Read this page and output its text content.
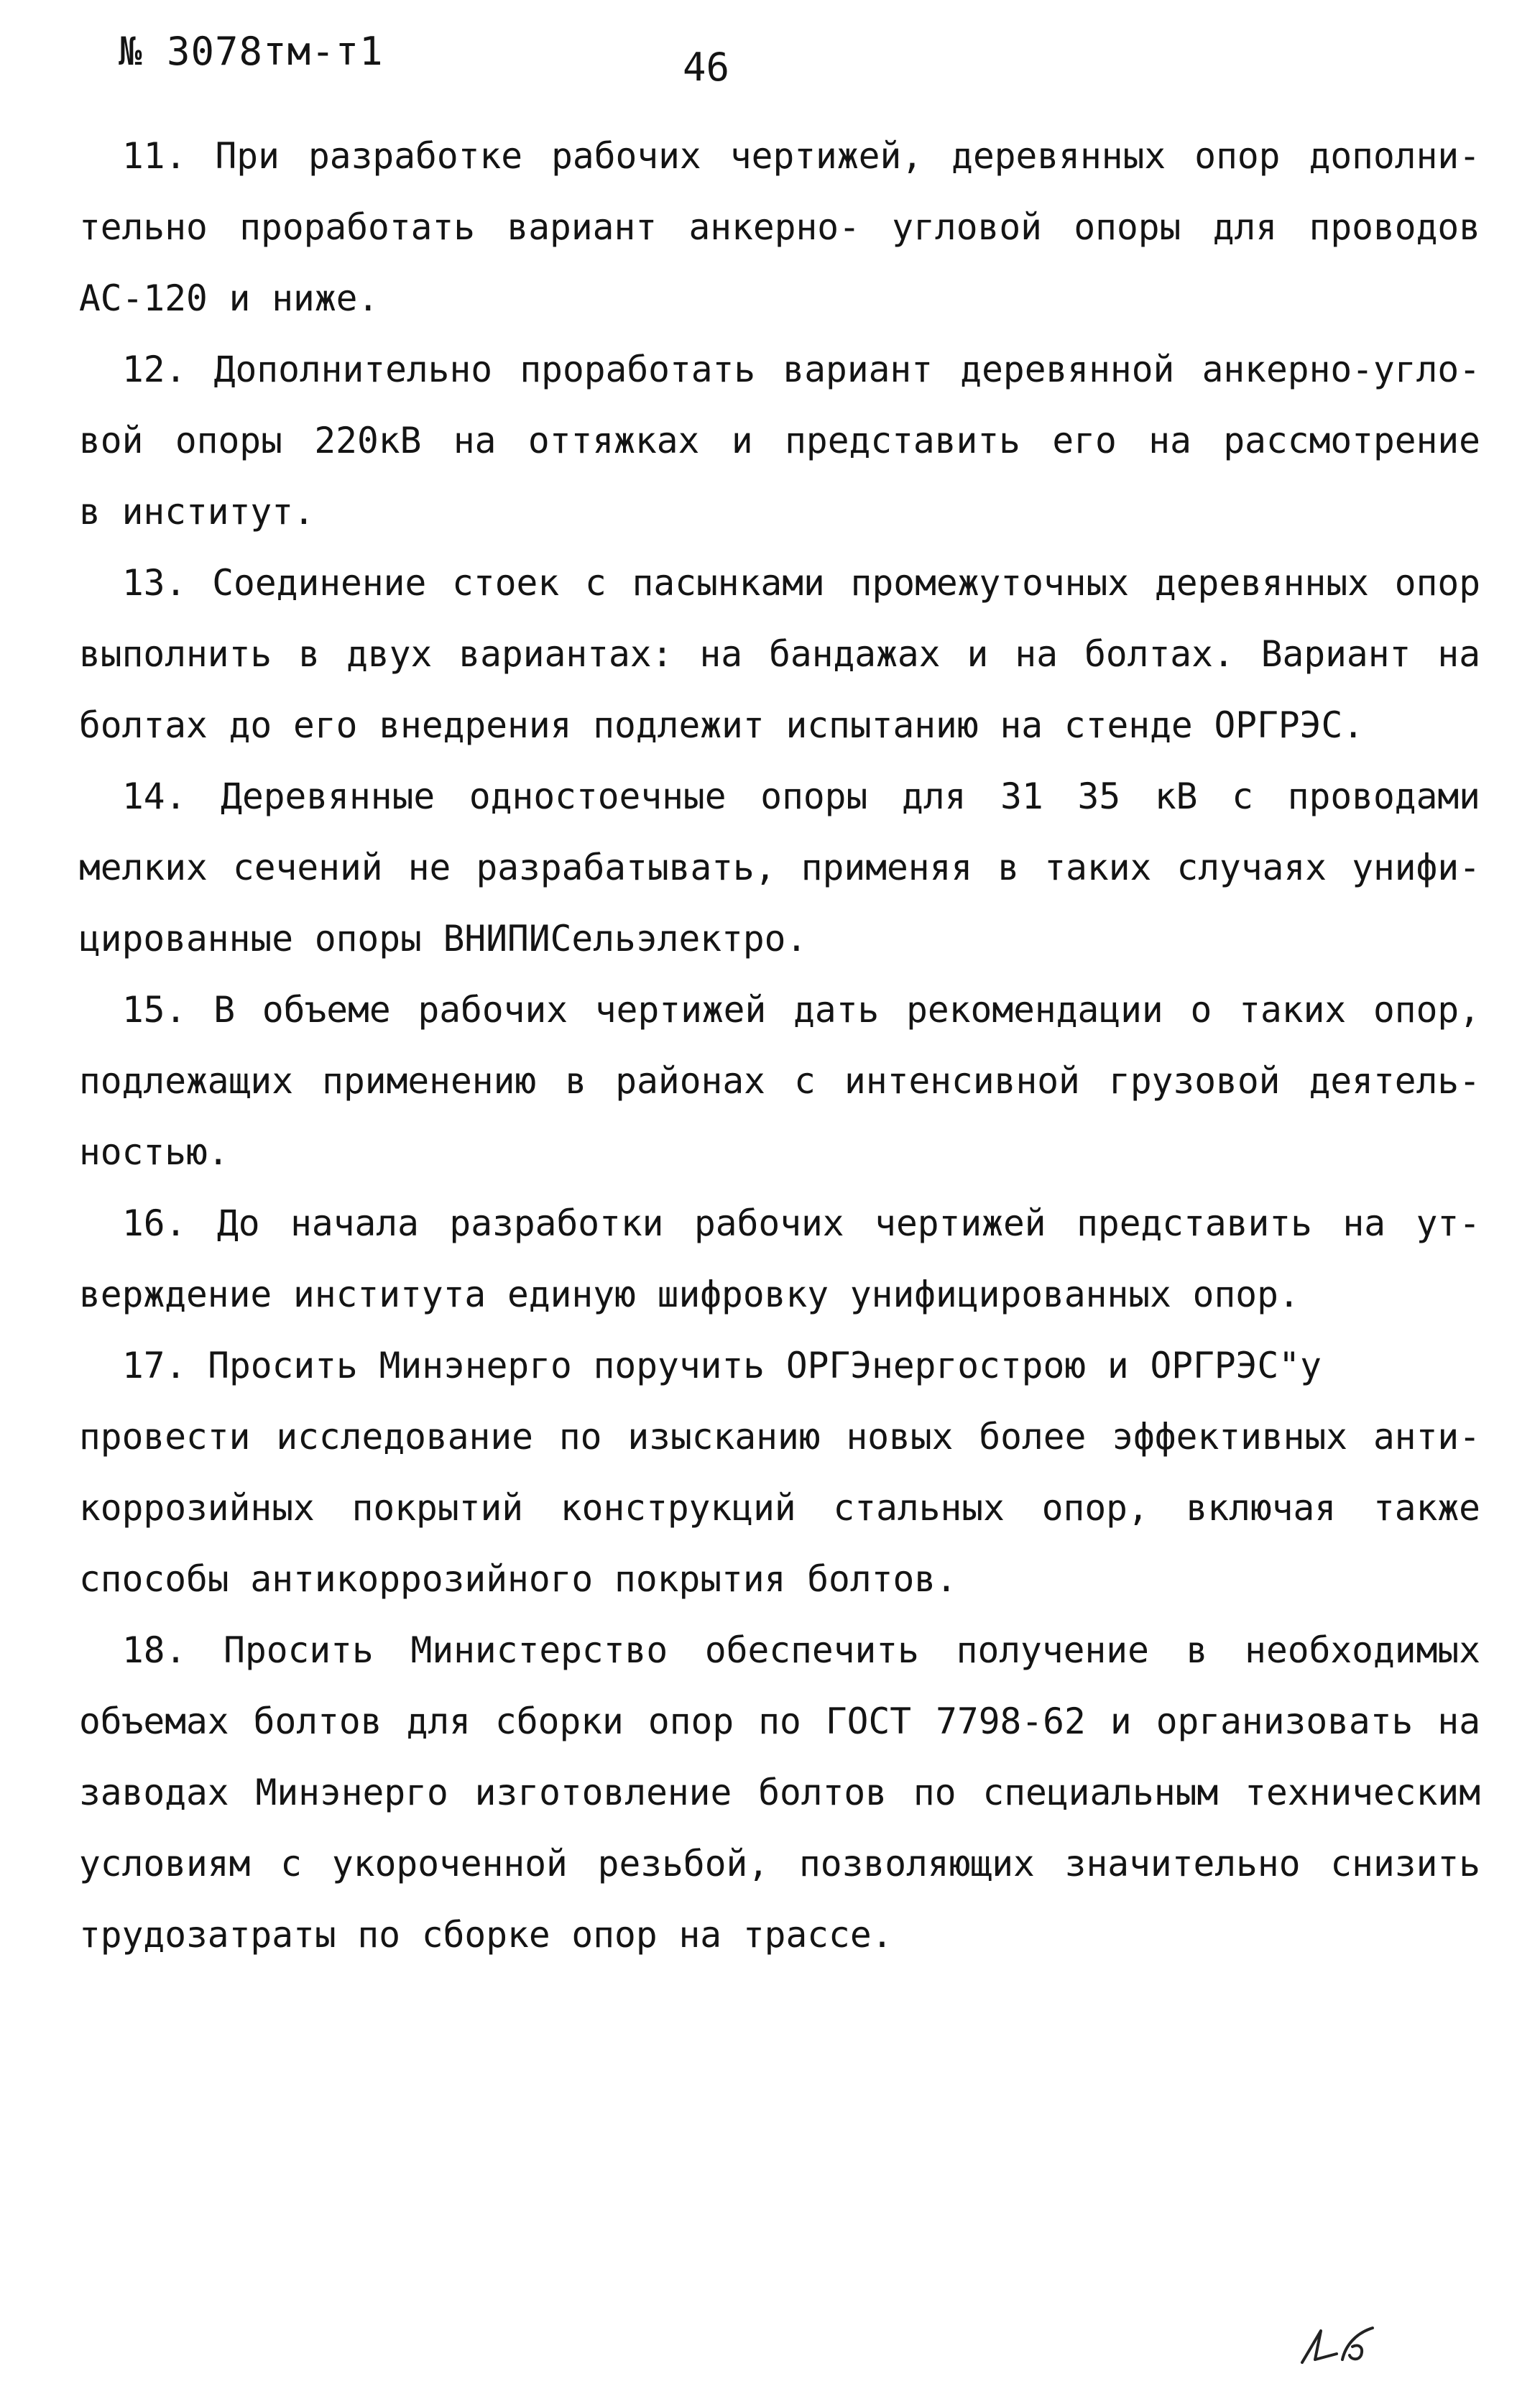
№ 3078тм-т1	46
11. При разработке рабочих чертижей, деревянных опор дополни-
тельно проработать вариант анкерно- угловой опоры для проводов
АС-120 и ниже.
12. Дополнительно проработать вариант деревянной анкерно-угло-
вой опоры 220кВ на оттяжках и представить его на рассмотрение
в институт.
13. Соединение стоек с пасынками промежуточных деревянных опор
выполнить в двух вариантах: на бандажах и на болтах. Вариант на
болтах до его внедрения подлежит испытанию на стенде ОРГРЭС.
14. Деревянные одностоечные опоры для 31 35 кВ с проводами
мелких сечений не разрабатывать, применяя в таких случаях унифи-
цированные опоры ВНИПИСельэлектро.
15. В объеме рабочих чертижей дать рекомендации о таких опор,
подлежащих применению в районах с интенсивной грузовой деятель-
ностью.
16. До начала разработки рабочих чертижей представить на ут-
верждение института единую шифровку унифицированных опор.
17. Просить Минэнерго поручить ОРГЭнергострою и ОРГРЭС"у
провести исследование по изысканию новых более эффективных анти-
коррозийных покрытий конструкций стальных опор, включая также
способы антикоррозийного покрытия болтов.
18. Просить Министерство обеспечить получение в необходимых
объемах болтов для сборки опор по ГОСТ 7798-62 и организовать на
заводах Минэнерго изготовление болтов по специальным техническим
условиям с укороченной резьбой, позволяющих значительно снизить
трудозатраты по сборке опор на трассе.
